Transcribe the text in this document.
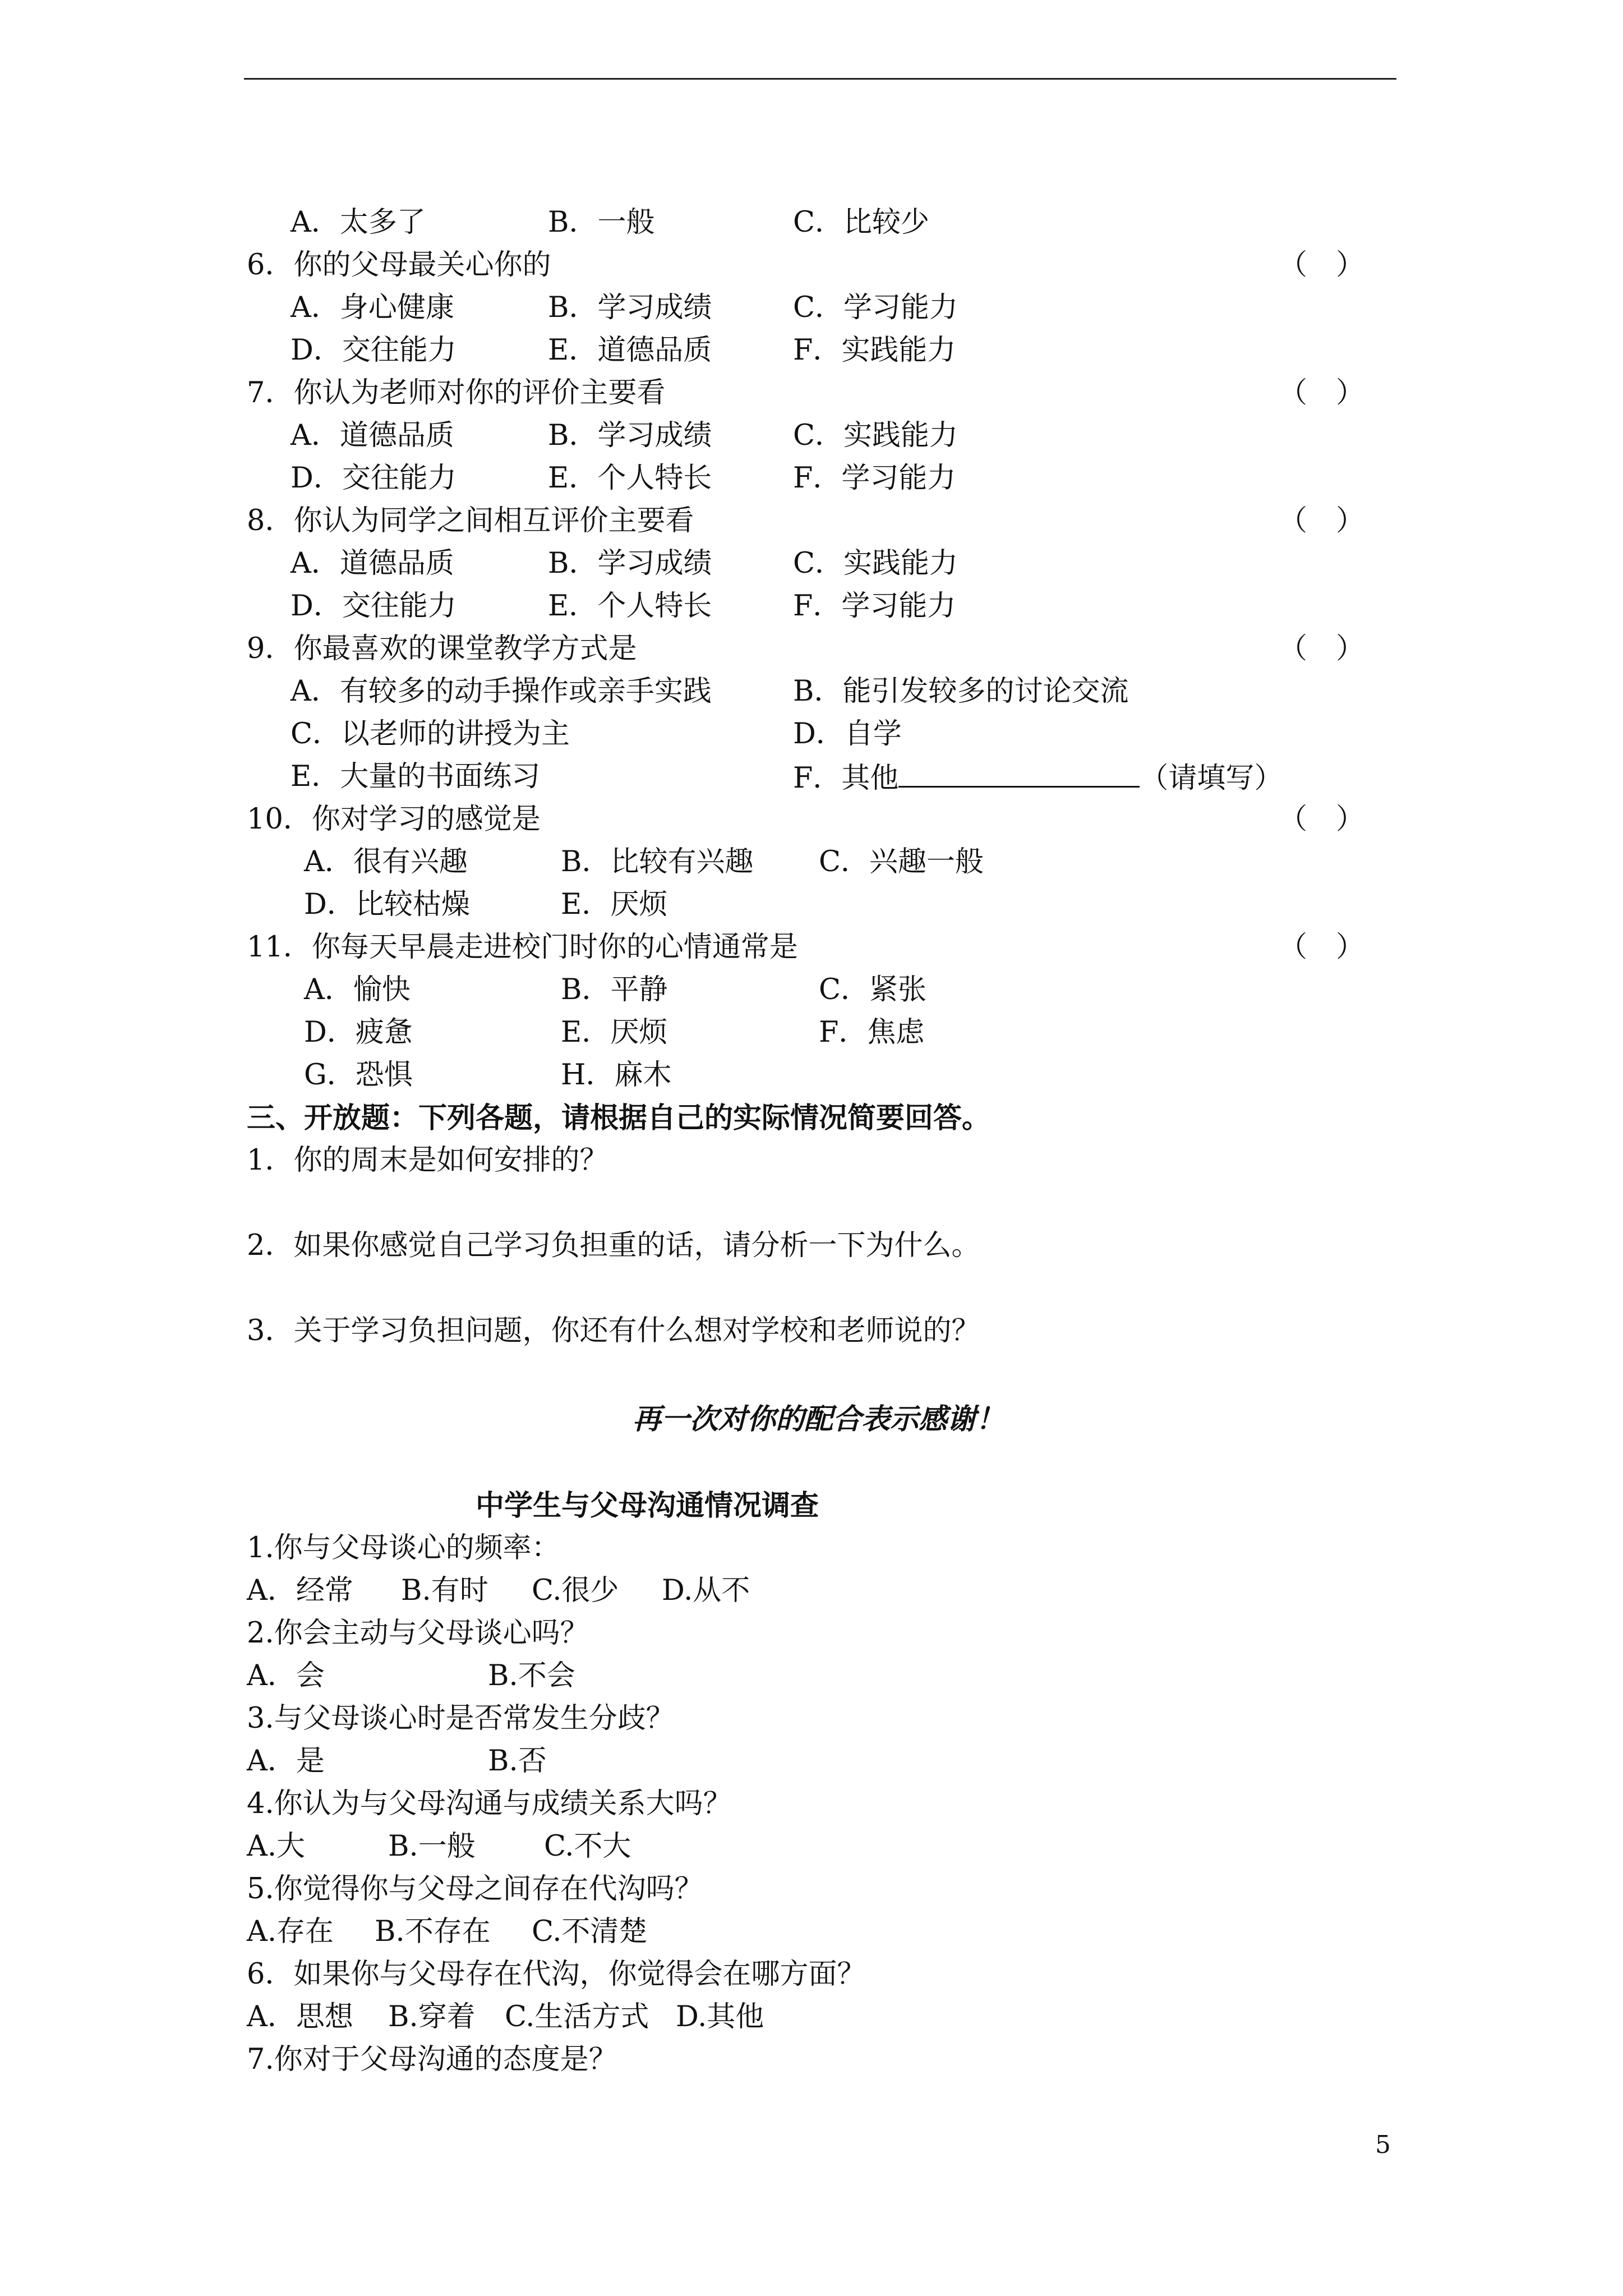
A．太多了	B．一般	C．比较少
6．你的父母最关心你的	（　）
A．身心健康	B．学习成绩	C．学习能力
D．交往能力	E．道德品质	F．实践能力
7．你认为老师对你的评价主要看	（　）
A．道德品质	B．学习成绩	C．实践能力
D．交往能力	E．个人特长	F．学习能力
8．你认为同学之间相互评价主要看	（　）
A．道德品质	B．学习成绩	C．实践能力
D．交往能力	E．个人特长	F．学习能力
9．你最喜欢的课堂教学方式是	（　）
A．有较多的动手操作或亲手实践	B．能引发较多的讨论交流
C．以老师的讲授为主	D．自学
E．大量的书面练习	F．其他	（请填写）
10．你对学习的感觉是	（　）
A．很有兴趣	B．比较有兴趣 C．兴趣一般
D．比较枯燥	E．厌烦
11．你每天早晨走进校门时你的心情通常是	（　）
A．愉快	B．平静	C．紧张
D．疲惫	E．厌烦	F．焦虑
G．恐惧	H．麻木
三、开放题：下列各题，请根据自己的实际情况简要回答。
1．你的周末是如何安排的？
2．如果你感觉自己学习负担重的话，请分析一下为什么。
3．关于学习负担问题，你还有什么想对学校和老师说的？
再一次对你的配合表示感谢！
中学生与父母沟通情况调查
1.你与父母谈心的频率：
A．经常 B.有时 C.很少 D.从不
2.你会主动与父母谈心吗？
A．会	B.不会
3.与父母谈心时是否常发生分歧？
A．是	B.否
4.你认为与父母沟通与成绩关系大吗？
A.大	B.一般 C.不大
5.你觉得你与父母之间存在代沟吗？
A.存在 B.不存在 C.不清楚
6．如果你与父母存在代沟，你觉得会在哪方面？
A．思想 B.穿着 C.生活方式 D.其他
7.你对于父母沟通的态度是？
5
